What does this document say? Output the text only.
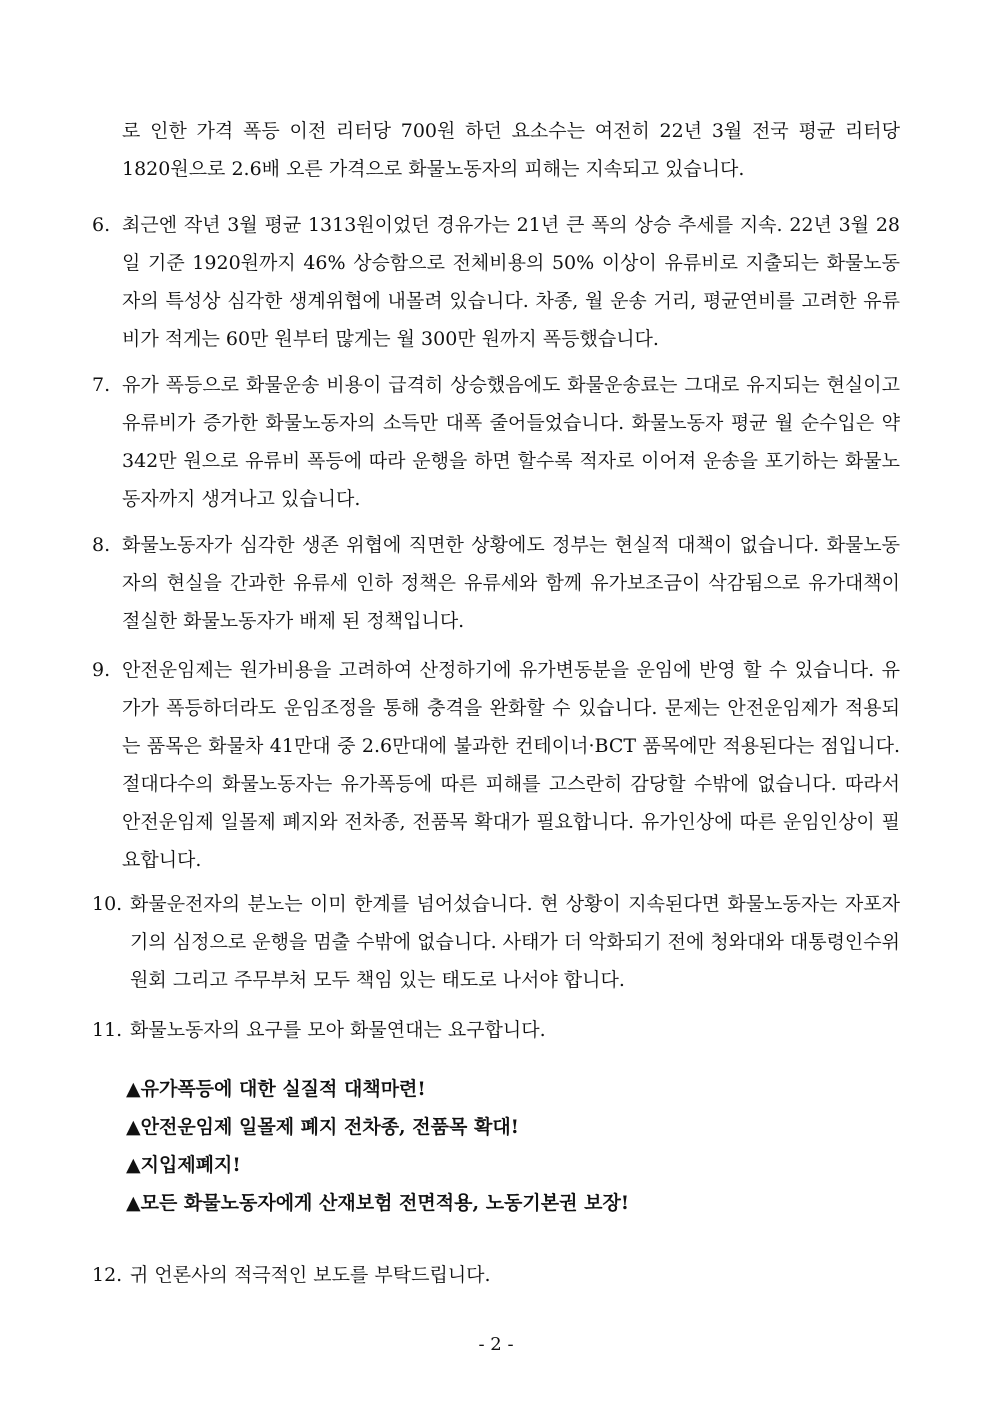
로 인한 가격 폭등 이전 리터당 700원 하던 요소수는 여전히 22년 3월 전국 평균 리터당 1820원으로 2.6배 오른 가격으로 화물노동자의 피해는 지속되고 있습니다.

6. 최근엔 작년 3월 평균 1313원이었던 경유가는 21년 큰 폭의 상승 추세를 지속. 22년 3월 28일 기준 1920원까지 46% 상승함으로 전체비용의 50% 이상이 유류비로 지출되는 화물노동자의 특성상 심각한 생계위협에 내몰려 있습니다. 차종, 월 운송 거리, 평균연비를 고려한 유류비가 적게는 60만 원부터 많게는 월 300만 원까지 폭등했습니다.
7. 유가 폭등으로 화물운송 비용이 급격히 상승했음에도 화물운송료는 그대로 유지되는 현실이고 유류비가 증가한 화물노동자의 소득만 대폭 줄어들었습니다. 화물노동자 평균 월 순수입은 약 342만 원으로 유류비 폭등에 따라 운행을 하면 할수록 적자로 이어져 운송을 포기하는 화물노동자까지 생겨나고 있습니다.
8. 화물노동자가 심각한 생존 위협에 직면한 상황에도 정부는 현실적 대책이 없습니다. 화물노동자의 현실을 간과한 유류세 인하 정책은 유류세와 함께 유가보조금이 삭감됨으로 유가대책이 절실한 화물노동자가 배제 된 정책입니다.
9. 안전운임제는 원가비용을 고려하여 산정하기에 유가변동분을 운임에 반영 할 수 있습니다. 유가가 폭등하더라도 운임조정을 통해 충격을 완화할 수 있습니다. 문제는 안전운임제가 적용되는 품목은 화물차 41만대 중 2.6만대에 불과한 컨테이너·BCT 품목에만 적용된다는 점입니다. 절대다수의 화물노동자는 유가폭등에 따른 피해를 고스란히 감당할 수밖에 없습니다. 따라서 안전운임제 일몰제 폐지와 전차종, 전품목 확대가 필요합니다. 유가인상에 따른 운임인상이 필요합니다.
10. 화물운전자의 분노는 이미 한계를 넘어섰습니다. 현 상황이 지속된다면 화물노동자는 자포자기의 심정으로 운행을 멈출 수밖에 없습니다. 사태가 더 악화되기 전에 청와대와 대통령인수위원회 그리고 주무부처 모두 책임 있는 태도로 나서야 합니다.
11. 화물노동자의 요구를 모아 화물연대는 요구합니다.
▲유가폭등에 대한 실질적 대책마련!
▲안전운임제 일몰제 폐지 전차종, 전품목 확대!
▲지입제폐지!
▲모든 화물노동자에게 산재보험 전면적용, 노동기본권 보장!
12. 귀 언론사의 적극적인 보도를 부탁드립니다.
- 2 -
